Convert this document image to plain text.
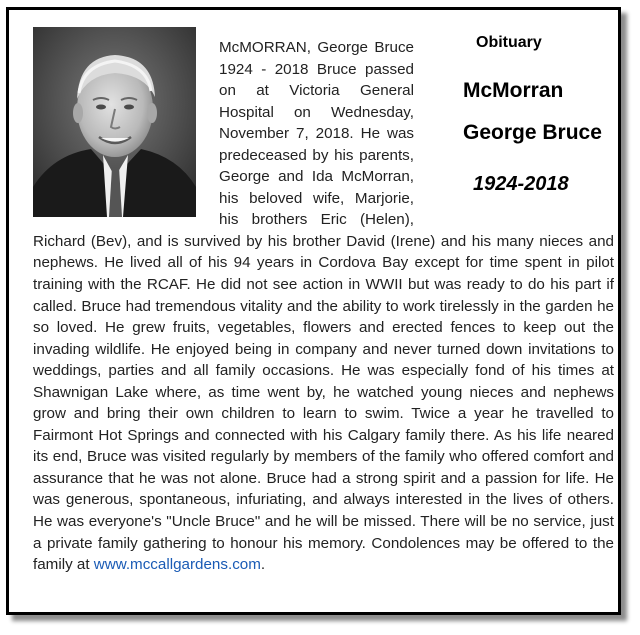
McMORRAN, George Bruce 1924 - 2018 Bruce passed on at Victoria General Hospital on Wednesday, November 7, 2018. He was predeceased by his parents, George and Ida McMorran, his beloved wife, Marjorie, his brothers Eric (Helen), Richard (Bev), and is survived by his brother David (Irene) and his many nieces and nephews. He lived all of his 94 years in Cordova Bay except for time spent in pilot training with the RCAF. He did not see action in WWII but was ready to do his part if called. Bruce had tremendous vitality and the ability to work tirelessly in the garden he so loved. He grew fruits, vegetables, flowers and erected fences to keep out the invading wildlife. He enjoyed being in company and never turned down invitations to weddings, parties and all family occasions. He was especially fond of his times at Shawnigan Lake where, as time went by, he watched young nieces and nephews grow and bring their own children to learn to swim. Twice a year he travelled to Fairmont Hot Springs and connected with his Calgary family there. As his life neared its end, Bruce was visited regularly by members of the family who offered comfort and assurance that he was not alone. Bruce had a strong spirit and a passion for life. He was generous, spontaneous, infuriating, and always interested in the lives of others. He was everyone's "Uncle Bruce" and he will be missed. There will be no service, just a private family gathering to honour his memory. Condolences may be offered to the family at www.mccallgardens.com.

Obituary
McMorran
George Bruce
1924-2018
